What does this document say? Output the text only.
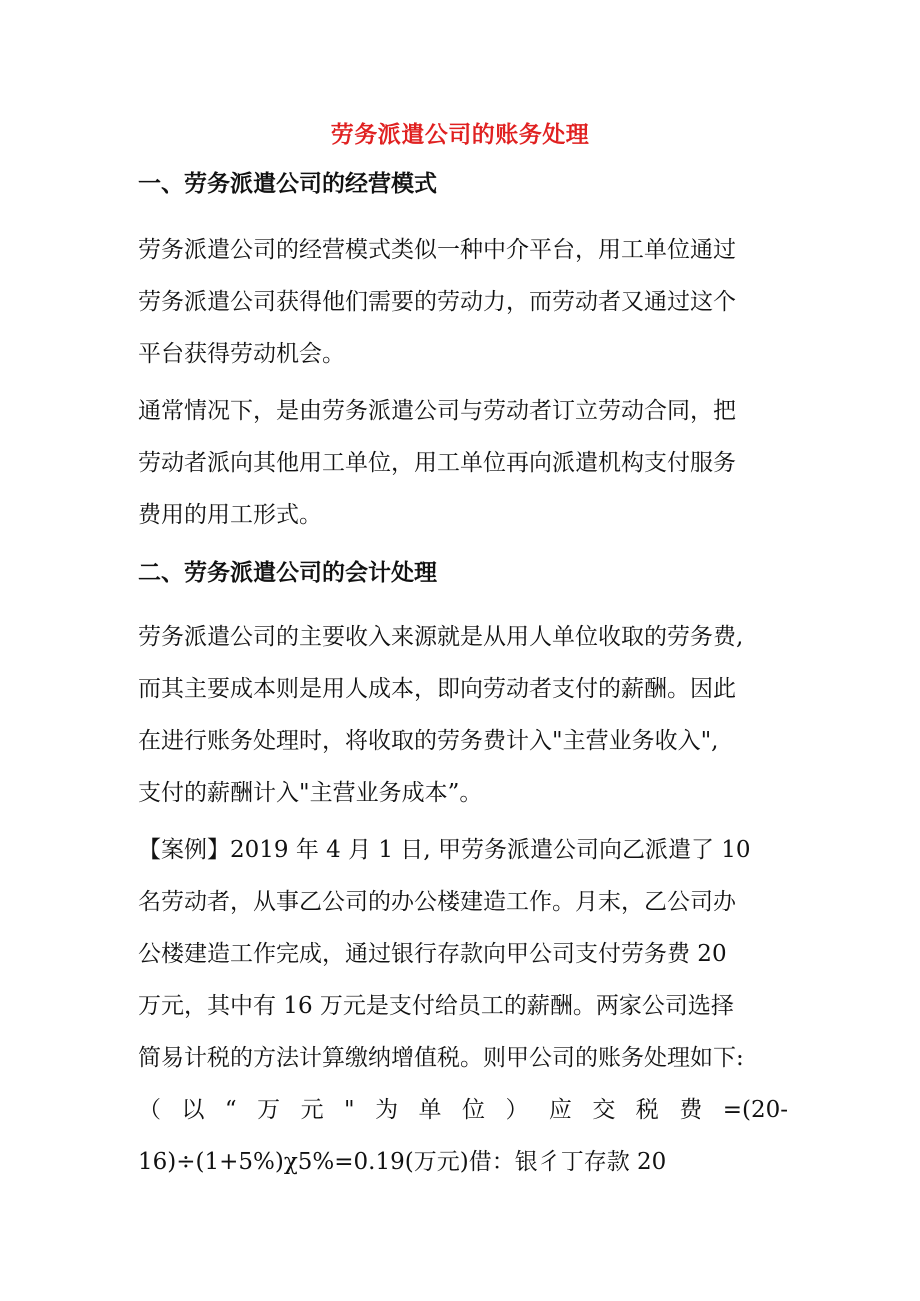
劳务派遣公司的账务处理
一、劳务派遣公司的经营模式
劳务派遣公司的经营模式类似一种中介平台，用工单位通过
劳务派遣公司获得他们需要的劳动力，而劳动者又通过这个
平台获得劳动机会。
通常情况下，是由劳务派遣公司与劳动者订立劳动合同，把
劳动者派向其他用工单位，用工单位再向派遣机构支付服务
费用的用工形式。
二、劳务派遣公司的会计处理
劳务派遣公司的主要收入来源就是从用人单位收取的劳务费,
而其主要成本则是用人成本，即向劳动者支付的薪酬。因此
在进行账务处理时，将收取的劳务费计入"主营业务收入",
支付的薪酬计入"主营业务成本”。
【案例】2019 年 4 月 1 日, 甲劳务派遣公司向乙派遣了 10
名劳动者，从事乙公司的办公楼建造工作。月末，乙公司办
公楼建造工作完成，通过银行存款向甲公司支付劳务费 20
万元，其中有 16 万元是支付给员工的薪酬。两家公司选择
简易计税的方法计算缴纳增值税。则甲公司的账务处理如下:
（ 以 “ 万 元 " 为 单 位 ） 应 交 税 费 =(20-
16)÷(1+5%)χ5%=0.19(万元)借：银彳丁存款 20
